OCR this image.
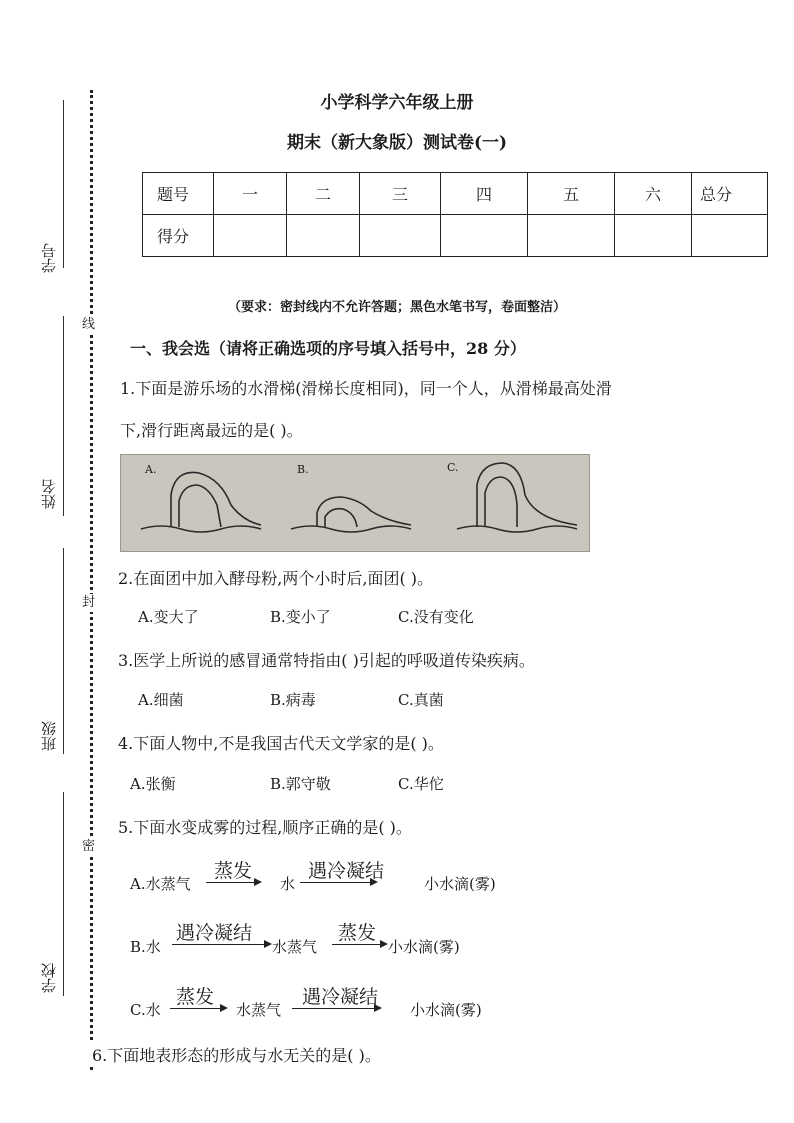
学号
姓名
班级
学校
线
封
密
小学科学六年级上册
期末（新大象版）测试卷(一)
题号	一	二	三	四	五	六	总分
得分							
（要求：密封线内不允许答题；黑色水笔书写，卷面整洁）
一、我会选（请将正确选项的序号填入括号中，28 分）
1.下面是游乐场的水滑梯(滑梯长度相同)，同一个人，从滑梯最高处滑
下,滑行距离最远的是( )。
A.	B.	C.
2.在面团中加入酵母粉,两个小时后,面团( )。
A.变大了	B.变小了	C.没有变化
3.医学上所说的感冒通常特指由( )引起的呼吸道传染疾病。
A.细菌	B.病毒	C.真菌
4.下面人物中,不是我国古代天文学家的是( )。
A.张衡	B.郭守敬	C.华佗
5.下面水变成雾的过程,顺序正确的是( )。
A.水蒸气
蒸发
水
遇冷凝结
小水滴(雾)
B.水
遇冷凝结
水蒸气
蒸发
小水滴(雾)
C.水
蒸发
水蒸气
遇冷凝结
小水滴(雾)
6.下面地表形态的形成与水无关的是( )。
